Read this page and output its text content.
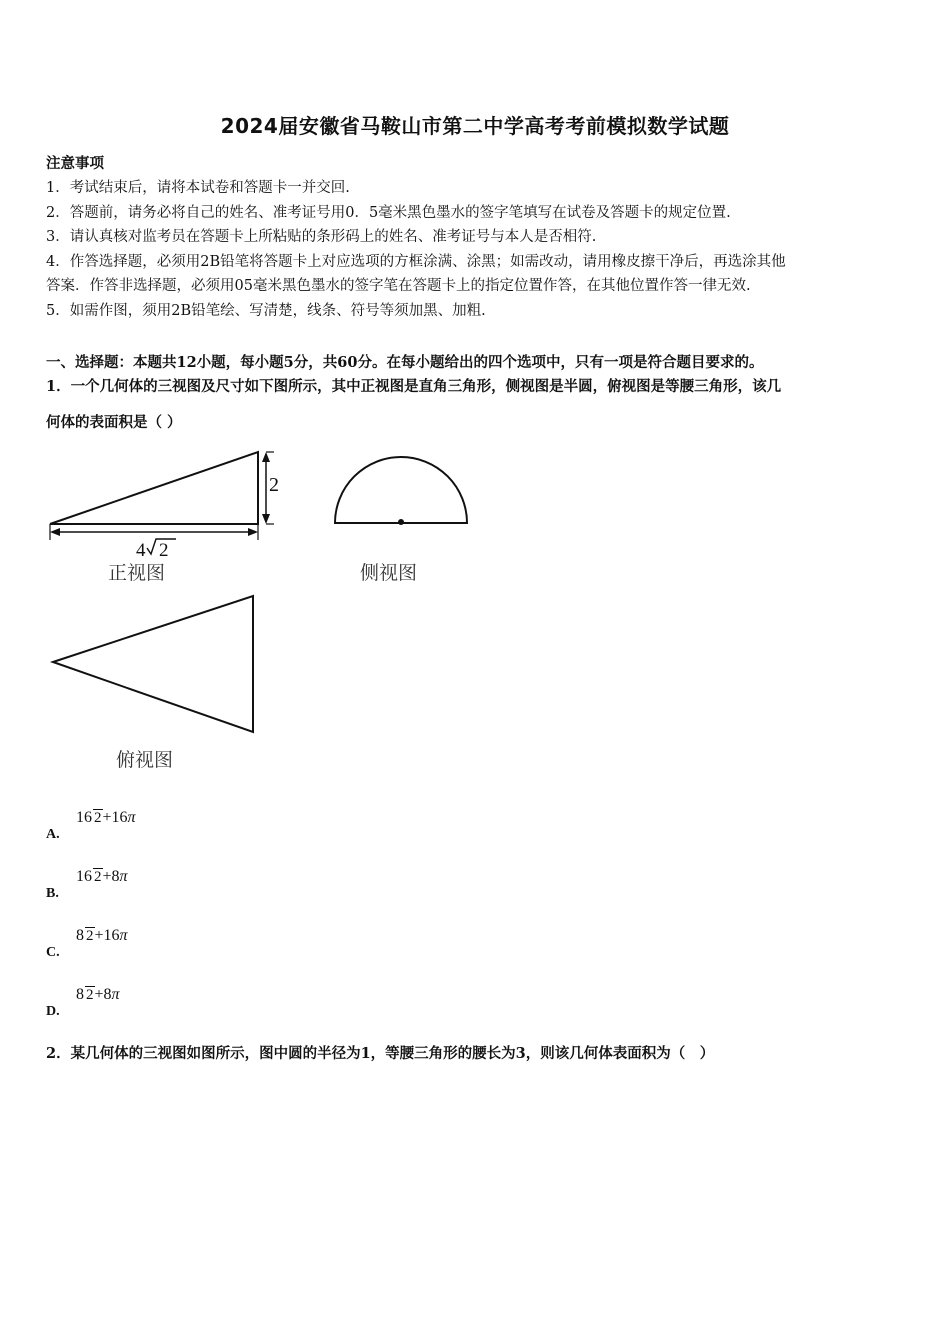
2024届安徽省马鞍山市第二中学高考考前模拟数学试题
注意事项
1．考试结束后，请将本试卷和答题卡一并交回.
2．答题前，请务必将自己的姓名、准考证号用0．5毫米黑色墨水的签字笔填写在试卷及答题卡的规定位置.
3．请认真核对监考员在答题卡上所粘贴的条形码上的姓名、准考证号与本人是否相符.
4．作答选择题，必须用2B铅笔将答题卡上对应选项的方框涂满、涂黑；如需改动，请用橡皮擦干净后，再选涂其他
答案．作答非选择题，必须用05毫米黑色墨水的签字笔在答题卡上的指定位置作答，在其他位置作答一律无效.
5．如需作图，须用2B铅笔绘、写清楚，线条、符号等须加黑、加粗.
一、选择题：本题共12小题，每小题5分，共60分。在每小题给出的四个选项中，只有一项是符合题目要求的。
1．一个几何体的三视图及尺寸如下图所示，其中正视图是直角三角形，侧视图是半圆，俯视图是等腰三角形，该几
何体的表面积是（ ）
2
4 2
正视图	侧视图
俯视图
A.
16 2+16π
B.
16 2+8π
C.
8 2+16π
D.
8 2+8π
2．某几何体的三视图如图所示，图中圆的半径为1，等腰三角形的腰长为3，则该几何体表面积为（　）
